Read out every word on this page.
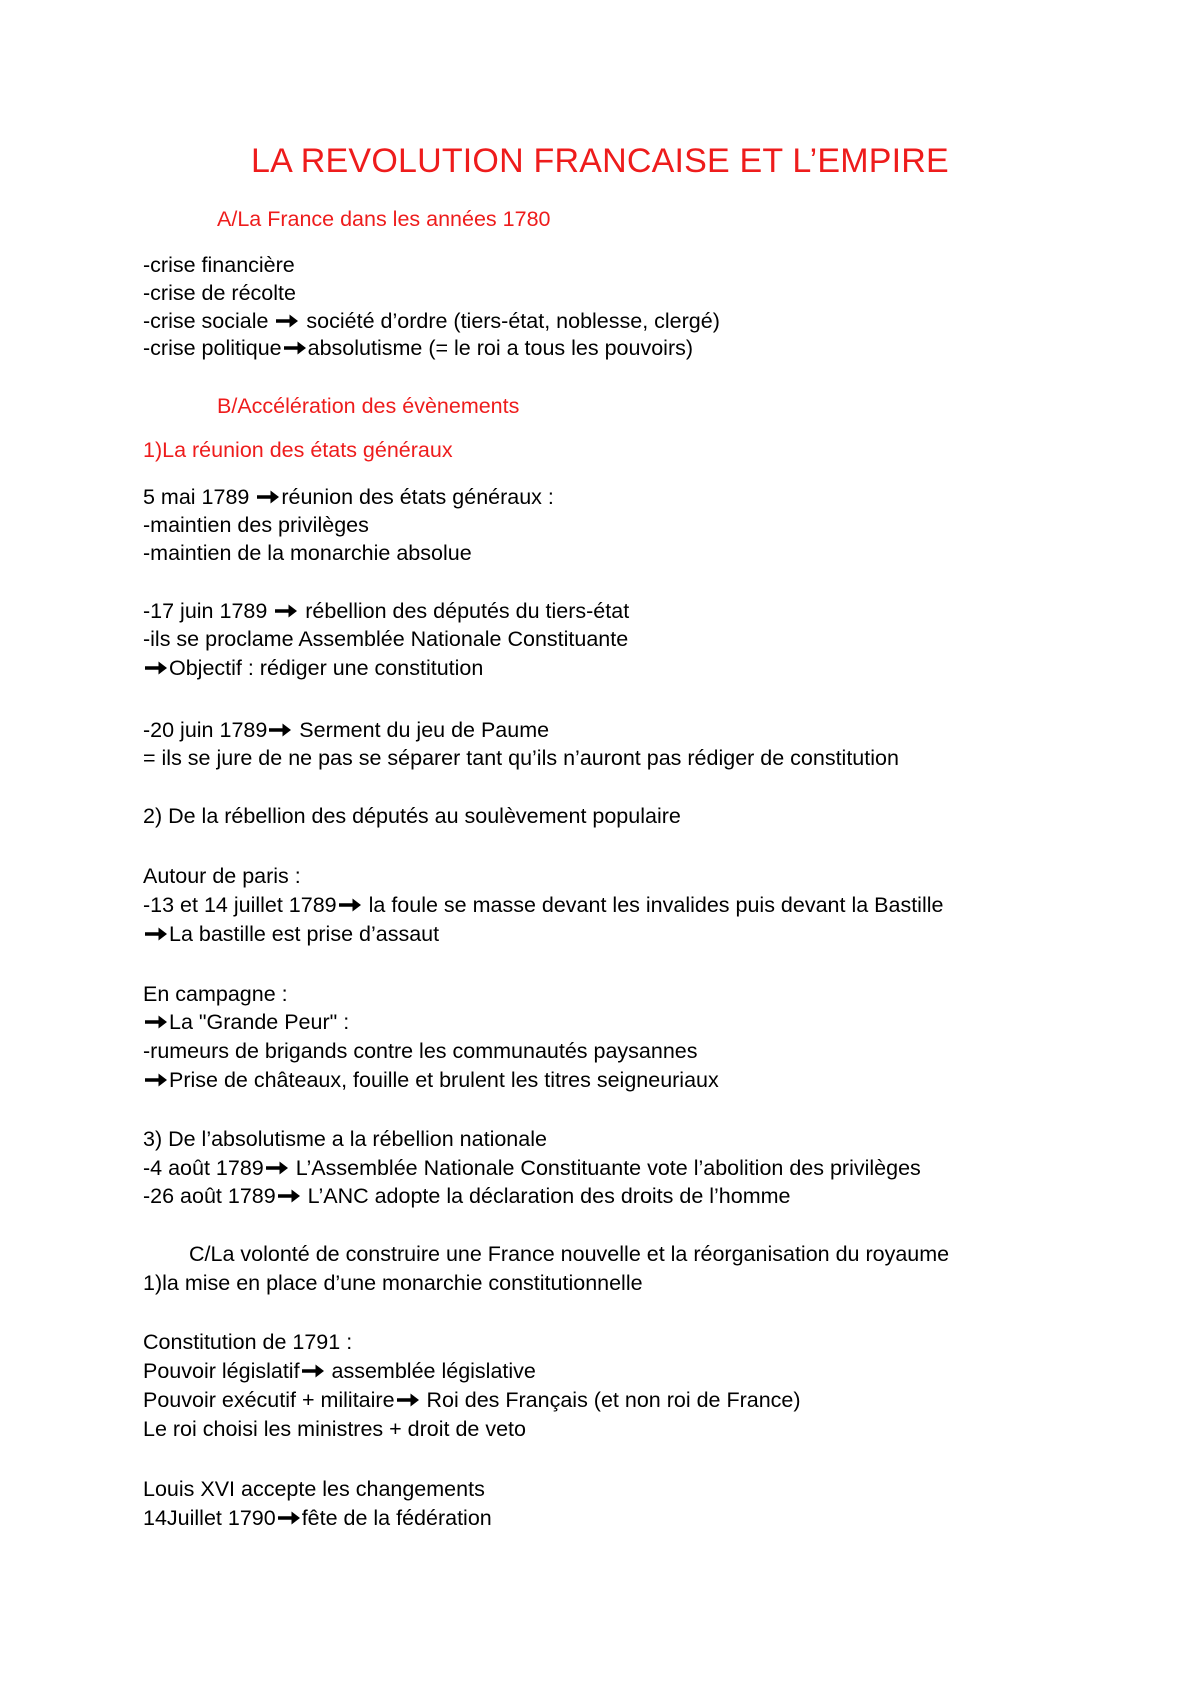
LA REVOLUTION FRANCAISE ET L’EMPIRE
A/La France dans les années 1780
-crise financière
-crise de récolte
-crise sociale  société d’ordre (tiers-état, noblesse, clergé)
-crise politique absolutisme (= le roi a tous les pouvoirs)
B/Accélération des évènements
1)La réunion des états généraux
5 mai 1789 réunion des états généraux :
-maintien des privilèges
-maintien de la monarchie absolue
-17 juin 1789  rébellion des députés du tiers-état
-ils se proclame Assemblée Nationale Constituante
Objectif : rédiger une constitution
-20 juin 1789 Serment du jeu de Paume
= ils se jure de ne pas se séparer tant qu’ils n’auront pas rédiger de constitution
2) De la rébellion des députés au soulèvement populaire
Autour de paris :
-13 et 14 juillet 1789 la foule se masse devant les invalides puis devant la Bastille
La bastille est prise d’assaut
En campagne :
La "Grande Peur" :
-rumeurs de brigands contre les communautés paysannes
Prise de châteaux, fouille et brulent les titres seigneuriaux
3) De l’absolutisme a la rébellion nationale
-4 août 1789 L’Assemblée Nationale Constituante vote l’abolition des privilèges
-26 août 1789 L’ANC adopte la déclaration des droits de l’homme
C/La volonté de construire une France nouvelle et la réorganisation du royaume
1)la mise en place d’une monarchie constitutionnelle
Constitution de 1791 :
Pouvoir législatif assemblée législative
Pouvoir exécutif + militaire Roi des Français (et non roi de France)
Le roi choisi les ministres + droit de veto
Louis XVI accepte les changements
14Juillet 1790 fête de la fédération
